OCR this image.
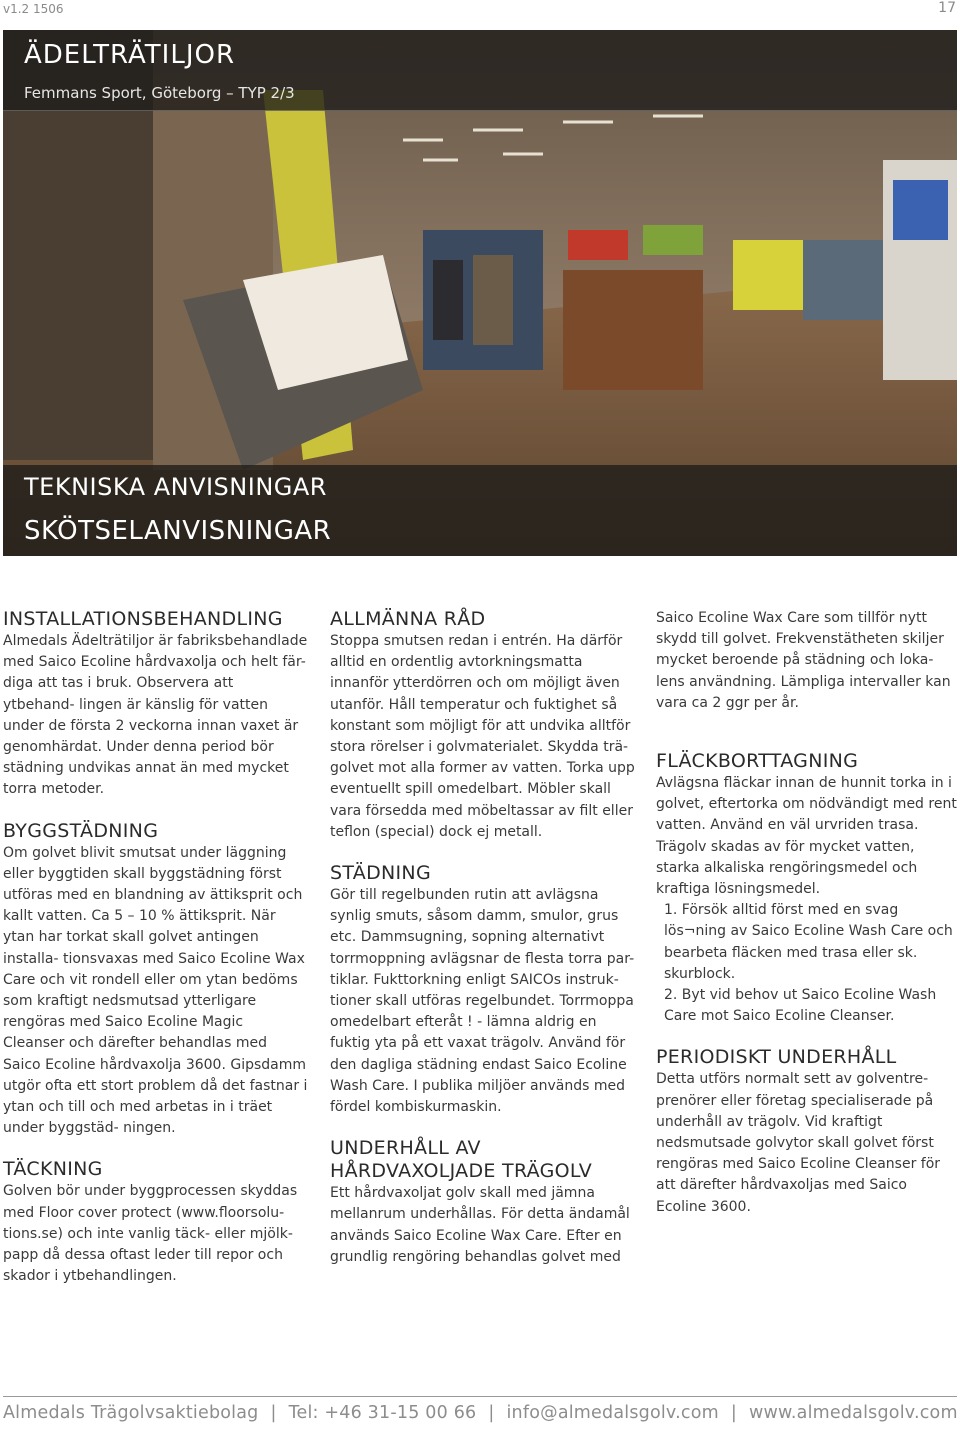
v1.2 1506	17
ÄDELTRÄTILJOR
Femmans Sport, Göteborg – TYP 2/3
TEKNISKA ANVISNINGAR
SKÖTSELANVISNINGAR
INSTALLATIONSBEHANDLING

Almedals Ädelträtiljor är fabriksbehandlade med Saico Ecoline hårdvaxolja och helt fär- diga att tas i bruk. Observera att ytbehand- lingen är känslig för vatten under de första 2 veckorna innan vaxet är genomhärdat. Under denna period bör städning undvikas annat än med mycket torra metoder.

BYGGSTÄDNING

Om golvet blivit smutsat under läggning eller byggtiden skall byggstädning först utföras med en blandning av ättiksprit och kallt vatten. Ca 5 – 10 % ättiksprit. När ytan har torkat skall golvet antingen installa- tionsvaxas med Saico Ecoline Wax Care och vit rondell eller om ytan bedöms som kraftigt nedsmutsad ytterligare rengöras med Saico Ecoline Magic Cleanser och därefter behandlas med Saico Ecoline hårdvaxolja 3600. Gipsdamm utgör ofta ett stort problem då det fastnar i ytan och till och med arbetas in i träet under byggstäd- ningen.

TÄCKNING

Golven bör under byggprocessen skyddas med Floor cover protect (www.floorsolu- tions.se) och inte vanlig täck- eller mjölk- papp då dessa oftast leder till repor och skador i ytbehandlingen.

ALLMÄNNA RÅD

Stoppa smutsen redan i entrén. Ha därför alltid en ordentlig avtorkningsmatta innanför ytterdörren och om möjligt även utanför. Håll temperatur och fuktighet så konstant som möjligt för att undvika alltför stora rörelser i golvmaterialet. Skydda trä- golvet mot alla former av vatten. Torka upp eventuellt spill omedelbart. Möbler skall vara försedda med möbeltassar av filt eller teflon (special) dock ej metall.

STÄDNING

Gör till regelbunden rutin att avlägsna synlig smuts, såsom damm, smulor, grus etc. Dammsugning, sopning alternativt torrmoppning avlägsnar de flesta torra par- tiklar. Fukttorkning enligt SAICOs instruk- tioner skall utföras regelbundet. Torrmoppa omedelbart efteråt ! - lämna aldrig en fuktig yta på ett vaxat trägolv. Använd för den dagliga städning endast Saico Ecoline Wash Care. I publika miljöer används med fördel kombiskurmaskin.

UNDERHÅLL AV HÅRDVAXOLJADE TRÄGOLV

Ett hårdvaxoljat golv skall med jämna mellanrum underhållas. För detta ändamål används Saico Ecoline Wax Care. Efter en grundlig rengöring behandlas golvet med

Saico Ecoline Wax Care som tillför nytt skydd till golvet. Frekvenstätheten skiljer mycket beroende på städning och loka- lens användning. Lämpliga intervaller kan vara ca 2 ggr per år.

FLÄCKBORTTAGNING

Avlägsna fläckar innan de hunnit torka in i golvet, eftertorka om nödvändigt med rent vatten. Använd en väl urvriden trasa. Trägolv skadas av för mycket vatten, starka alkaliska rengöringsmedel och kraftiga lösningsmedel.

1. Försök alltid först med en svag lös¬ning av Saico Ecoline Wash Care och bearbeta fläcken med trasa eller sk. skurblock.

2. Byt vid behov ut Saico Ecoline Wash Care mot Saico Ecoline Cleanser.

PERIODISKT UNDERHÅLL

Detta utförs normalt sett av golventre- prenörer eller företag specialiserade på underhåll av trägolv. Vid kraftigt nedsmutsade golvytor skall golvet först rengöras med Saico Ecoline Cleanser för att därefter hårdvaxoljas med Saico Ecoline 3600.

Almedals Trägolvsaktiebolag | Tel: +46 31-15 00 66 | info@almedalsgolv.com | www.almedalsgolv.com
